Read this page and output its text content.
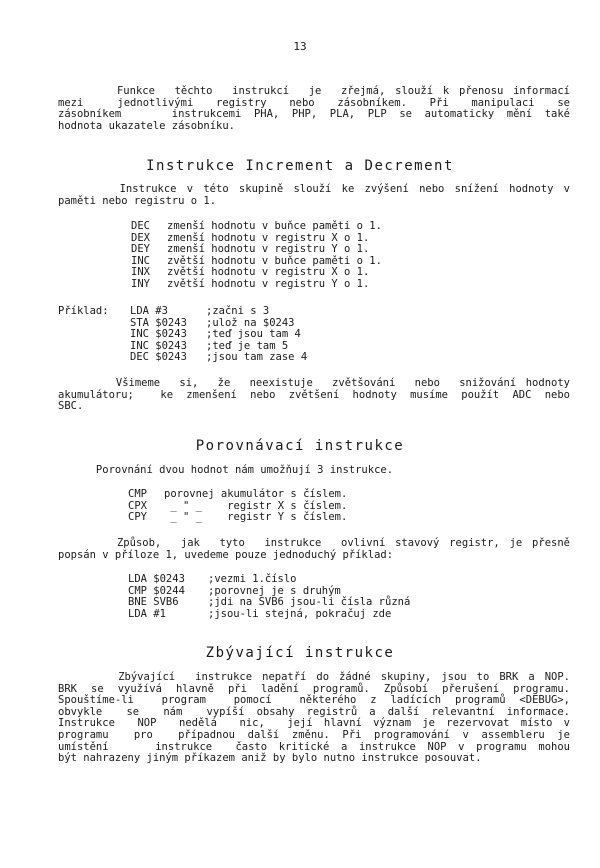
13
Funkce  těchto  instrukcí  je  zřejmá, slouží k přenosu informací
mezi   jednotlivými  registry  nebo  zásobníkem.  Při  manipulaci  se
zásobníkem    instrukcemi PHA, PHP, PLA, PLP se automaticky mění také
hodnota ukazatele zásobníku.
Instrukce Increment a Decrement
Instrukce v této skupině slouží ke zvýšení nebo snížení hodnoty v
paměti nebo registru o 1.
DEC	zmenší hodnotu v buňce paměti o 1.
DEX	zmenší hodnotu v registru X o 1.
DEY	zmenší hodnotu v registru Y o 1.
INC	zvětší hodnotu v buňce paměti o 1.
INX	zvětší hodnotu v registru X o 1.
INY	zvětší hodnotu v registru Y o 1.
Příklad:	LDA #3	;začni s 3
STA $0243	;ulož na $0243
INC $0243	;teď jsou tam 4
INC $0243	;teď je tam 5
DEC $0243	;jsou tam zase 4
Všimeme  si,  že  neexistuje  zvětšování  nebo  snižování hodnoty
akumulátoru;  ke zmenšení nebo zvětšení hodnoty musíme použít ADC nebo
SBC.
Porovnávací instrukce
Porovnání dvou hodnot nám umožňují 3 instrukce.
CMP	porovnej akumulátor s číslem.
CPX	_ " _    registr X s číslem.
CPY	_ " _    registr Y s číslem.
Způsob,  jak  tyto  instrukce  ovlivní stavový registr, je přesně
popsán v příloze 1, uvedeme pouze jednoduchý příklad:
LDA $0243	;vezmi 1.číslo
CMP $0244	;porovnej je s druhým
BNE SVB6	;jdi na SVB6 jsou-li čísla různá
LDA #1	;jsou-li stejná, pokračuj zde
Zbývající instrukce
Zbývající  instrukce nepatří do žádné skupiny, jsou to BRK a NOP.
BRK se využívá hlavně při ladění programů. Způsobí přerušení programu.
Spouštíme-li  program  pomocí  některého z ladících programů <DEBUG>,
obvykle  se  nám  vypíší obsahy registrů a další relevantní informace.
Instrukce  NOP  nedělá  nic,  její hlavní význam je rezervovat místo v
programu  pro  případnou další změnu. Při programování v assembleru je
umístění    instrukce  často kritické a instrukce NOP v programu mohou
být nahrazeny jiným příkazem aniž by bylo nutno instrukce posouvat.
